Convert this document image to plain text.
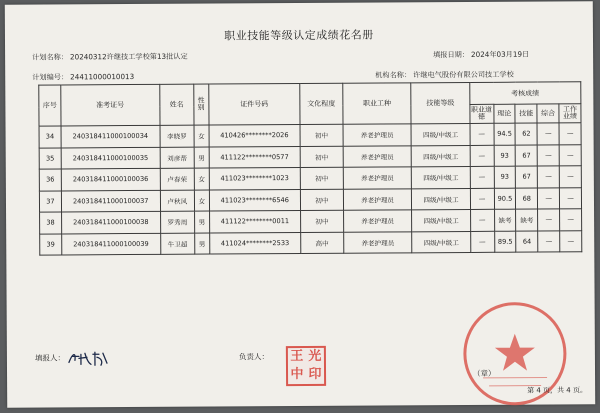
职业技能等级认定成绩花名册
计划名称： 20240312许继技工学校第13批认定	填报日期： 2024年03月19日
计划编号： 24411000010013	机构名称： 许继电气股份有限公司技工学校
序号	准考证号	姓名	性别	证件号码	文化程度	职业工种	技能等级	考核成绩				
								职业道德	理论	技能	综合	工作业绩
34	240318411000100034	李晓罗	女	410426********2026	初中	养老护理员	四级/中级工	—	94.5	62	—	—
35	240318411000100035	刘彦帮	男	411122********0577	初中	养老护理员	四级/中级工	—	93	67	—	—
36	240318411000100036	卢春荣	女	411023********1023	初中	养老护理员	四级/中级工	—	93	67	—	—
37	240318411000100037	卢秋风	女	411023********6546	初中	养老护理员	四级/中级工	—	90.5	68	—	—
38	240318411000100038	罗秀周	男	411122********0011	初中	养老护理员	四级/中级工	—	缺考	缺考	—	—
39	240318411000100039	牛卫超	男	411024********2533	高中	养老护理员	四级/中级工	—	89.5	64	—	—
填报人：	负责人： 王 光
中 印	（章）
第 4 页，共 4 页。
